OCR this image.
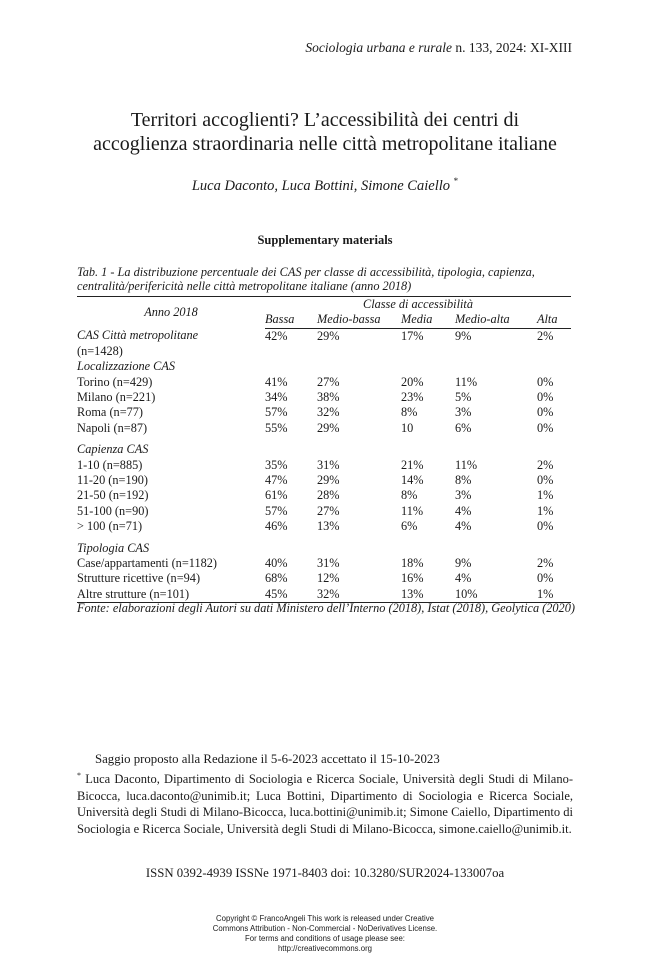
Sociologia urbana e rurale n. 133, 2024: XI-XIII
Territori accoglienti? L’accessibilità dei centri di
accoglienza straordinaria nelle città metropolitane italiane
Luca Daconto, Luca Bottini, Simone Caiello *
Supplementary materials
Tab. 1 - La distribuzione percentuale dei CAS per classe di accessibilità, tipologia, capienza, centralità/perifericità nelle città metropolitane italiane (anno 2018)
Anno 2018	Classe di accessibilità				
	Bassa	Medio-bassa	Media	Medio-alta	Alta
CAS Città metropolitane
(n=1428)	42%	29%	17%	9%	2%
Localizzazione CAS					
Torino (n=429)	41%	27%	20%	11%	0%
Milano (n=221)	34%	38%	23%	5%	0%
Roma (n=77)	57%	32%	8%	3%	0%
Napoli (n=87)	55%	29%	10	6%	0%
Capienza CAS					
1-10 (n=885)	35%	31%	21%	11%	2%
11-20 (n=190)	47%	29%	14%	8%	0%
21-50 (n=192)	61%	28%	8%	3%	1%
51-100 (n=90)	57%	27%	11%	4%	1%
> 100 (n=71)	46%	13%	6%	4%	0%
Tipologia CAS					
Case/appartamenti (n=1182)	40%	31%	18%	9%	2%
Strutture ricettive (n=94)	68%	12%	16%	4%	0%
Altre strutture (n=101)	45%	32%	13%	10%	1%
Fonte: elaborazioni degli Autori su dati Ministero dell’Interno (2018), Istat (2018), Geolytica (2020)
Saggio proposto alla Redazione il 5-6-2023 accettato il 15-10-2023
* Luca Daconto, Dipartimento di Sociologia e Ricerca Sociale, Università degli Studi di Milano-Bicocca, luca.daconto@unimib.it; Luca Bottini, Dipartimento di Sociologia e Ricerca Sociale, Università degli Studi di Milano-Bicocca, luca.bottini@unimib.it; Simone Caiello, Dipartimento di Sociologia e Ricerca Sociale, Università degli Studi di Milano-Bicocca, simone.caiello@unimib.it.
ISSN 0392-4939 ISSNe 1971-8403 doi: 10.3280/SUR2024-133007oa
Copyright © FrancoAngeli This work is released under Creative
Commons Attribution - Non-Commercial - NoDerivatives License.
For terms and conditions of usage please see:
http://creativecommons.org
